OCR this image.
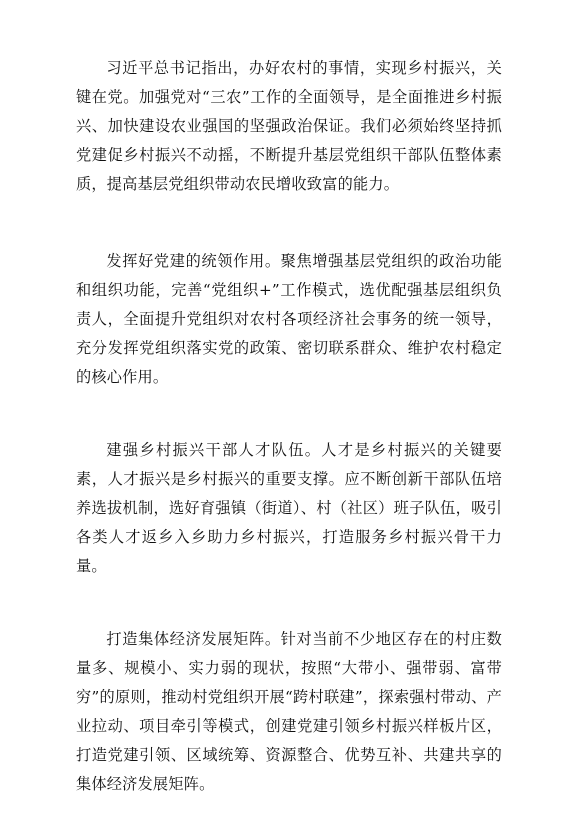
习近平总书记指出，办好农村的事情，实现乡村振兴，关键在党。加强党对“三农”工作的全面领导，是全面推进乡村振兴、加快建设农业强国的坚强政治保证。我们必须始终坚持抓党建促乡村振兴不动摇，不断提升基层党组织干部队伍整体素质，提高基层党组织带动农民增收致富的能力。

发挥好党建的统领作用。聚焦增强基层党组织的政治功能和组织功能，完善“党组织+”工作模式，选优配强基层组织负责人，全面提升党组织对农村各项经济社会事务的统一领导，充分发挥党组织落实党的政策、密切联系群众、维护农村稳定的核心作用。

建强乡村振兴干部人才队伍。人才是乡村振兴的关键要素，人才振兴是乡村振兴的重要支撑。应不断创新干部队伍培养选拔机制，选好育强镇（街道）、村（社区）班子队伍，吸引各类人才返乡入乡助力乡村振兴，打造服务乡村振兴骨干力量。

打造集体经济发展矩阵。针对当前不少地区存在的村庄数量多、规模小、实力弱的现状，按照“大带小、强带弱、富带穷”的原则，推动村党组织开展“跨村联建”，探索强村带动、产业拉动、项目牵引等模式，创建党建引领乡村振兴样板片区，打造党建引领、区域统筹、资源整合、优势互补、共建共享的集体经济发展矩阵。
